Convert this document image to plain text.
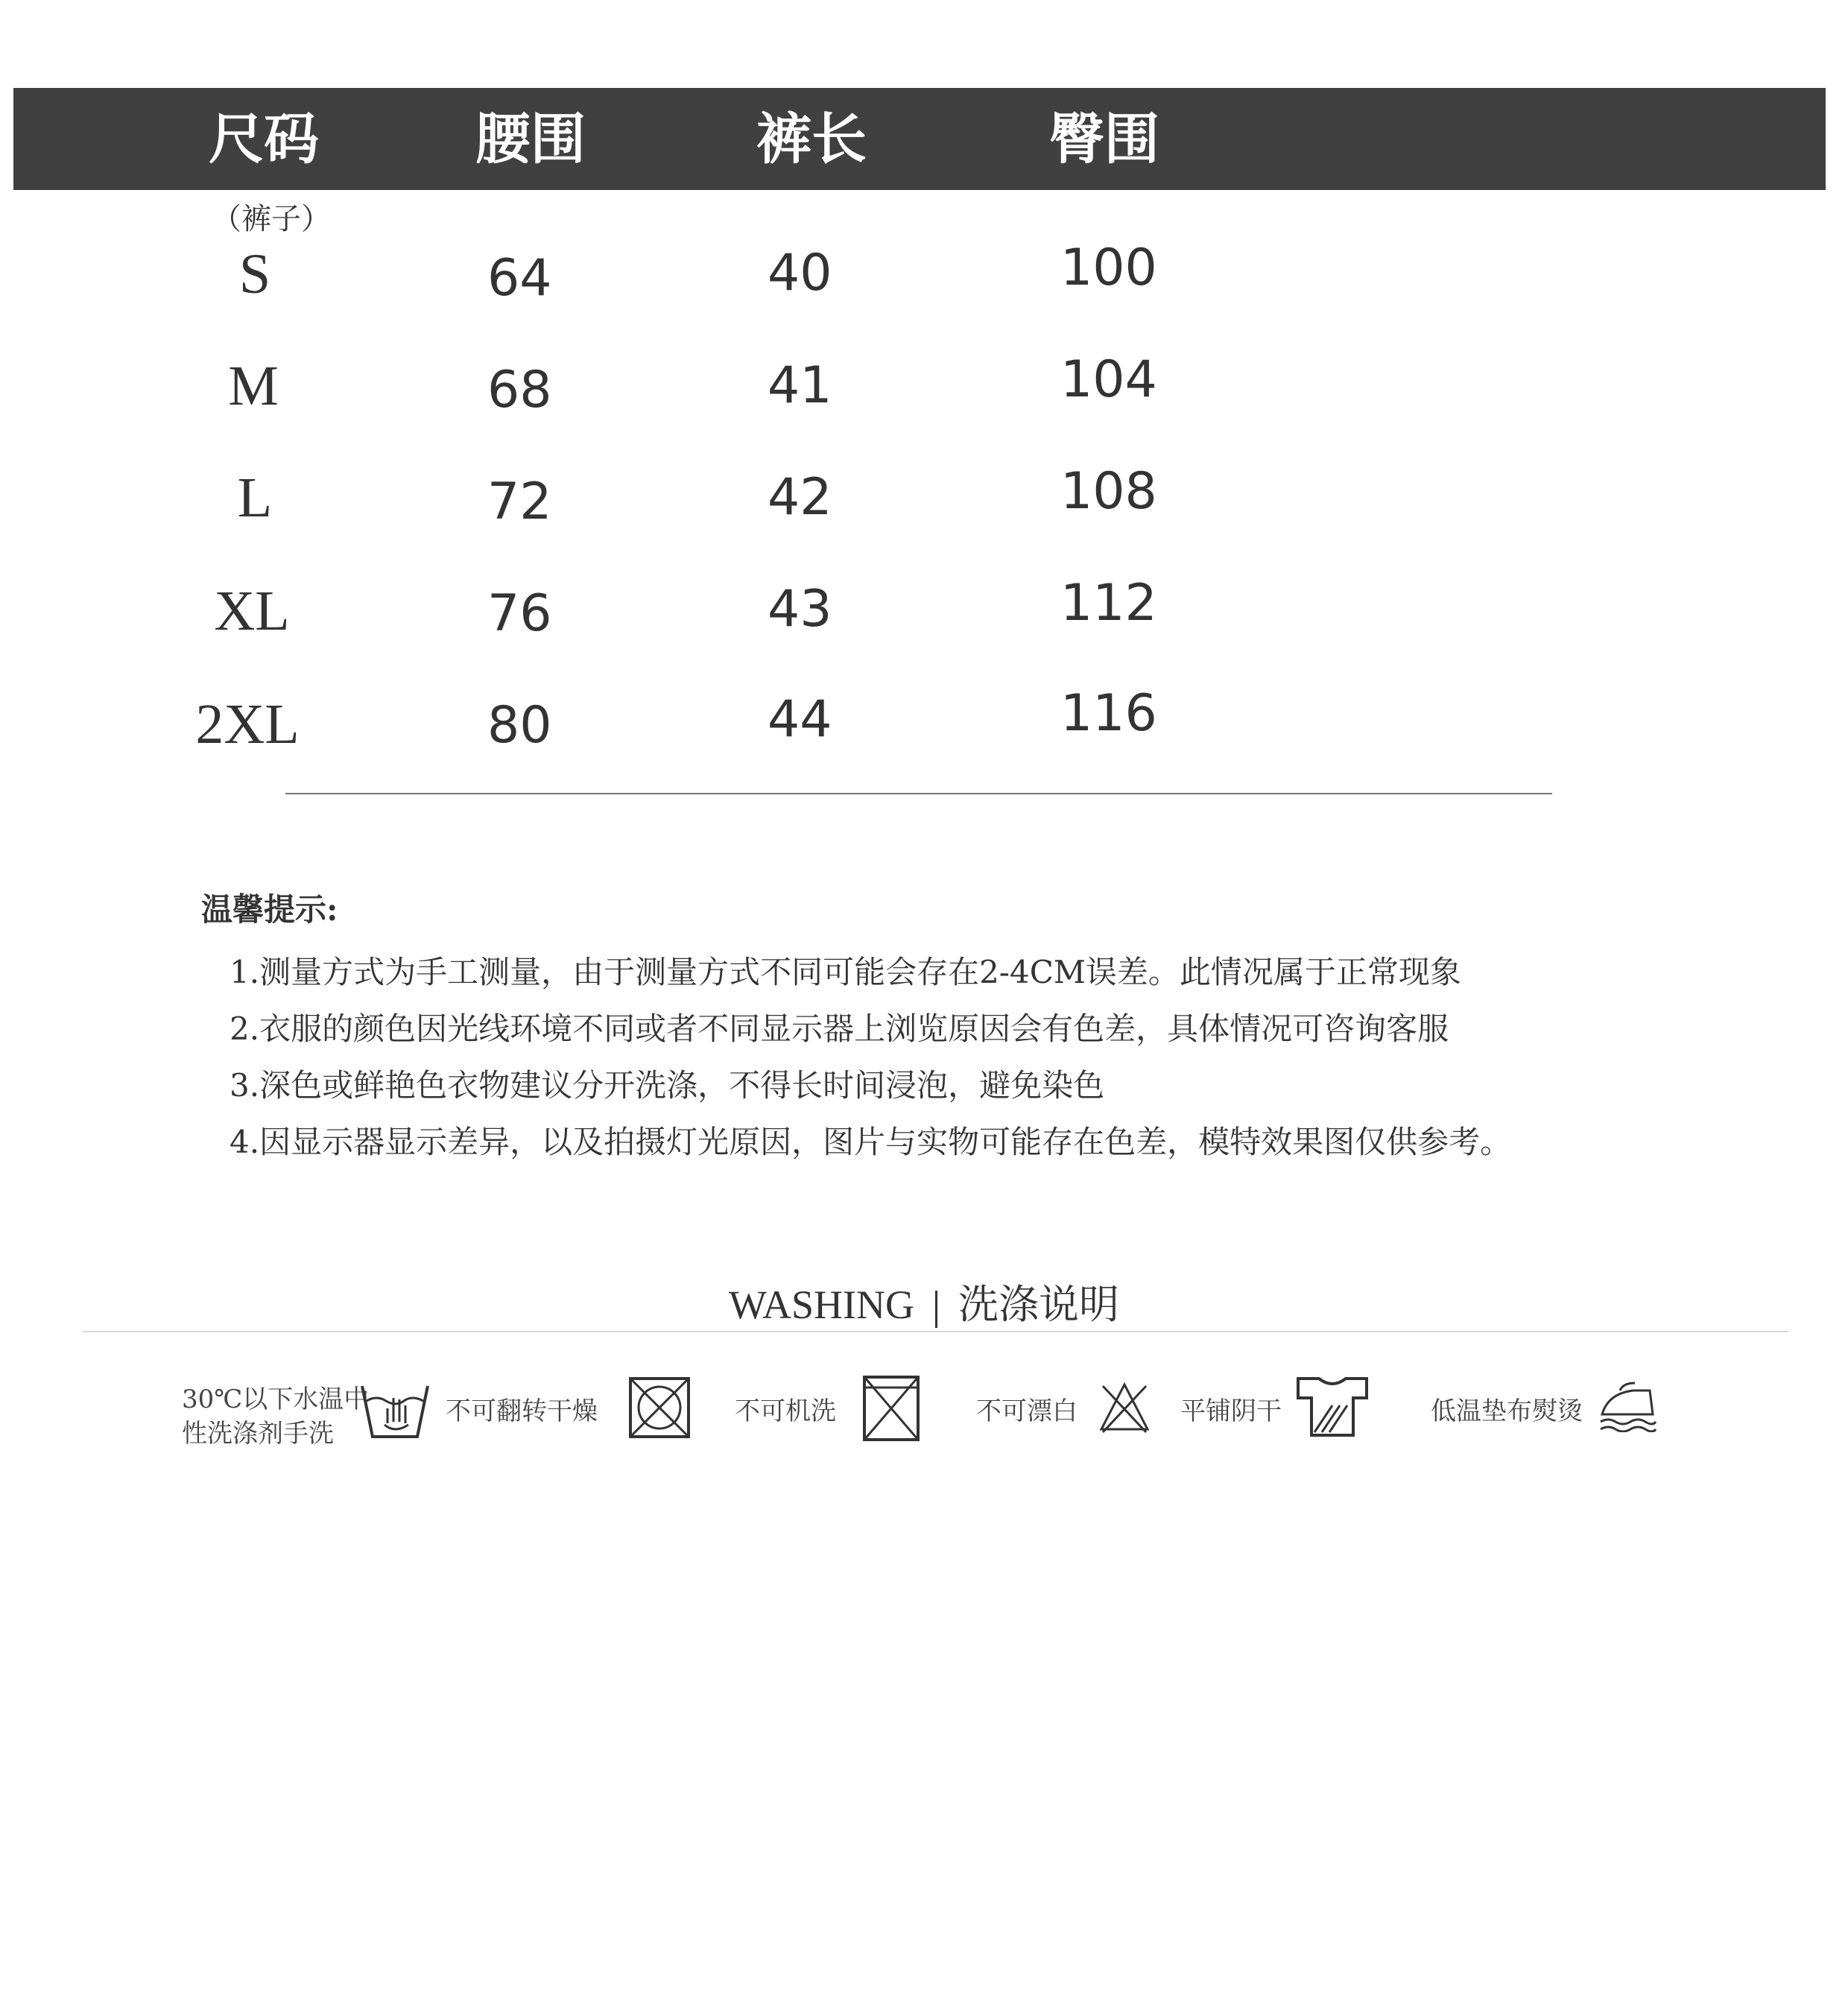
尺码	腰围	裤长	臀围
（裤子）
S	64	40	100
M	68	41	104
L	72	42	108
XL	76	43	112
2XL	80	44	116
温馨提示:
1.测量方式为手工测量，由于测量方式不同可能会存在2-4CM误差。此情况属于正常现象
2.衣服的颜色因光线环境不同或者不同显示器上浏览原因会有色差，具体情况可咨询客服
3.深色或鲜艳色衣物建议分开洗涤，不得长时间浸泡，避免染色
4.因显示器显示差异，以及拍摄灯光原因，图片与实物可能存在色差，模特效果图仅供参考。
WASHING 洗涤说明
30℃以下水温中
性洗涤剂手洗
不可翻转干燥	不可机洗	不可漂白	平铺阴干	低温垫布熨烫
